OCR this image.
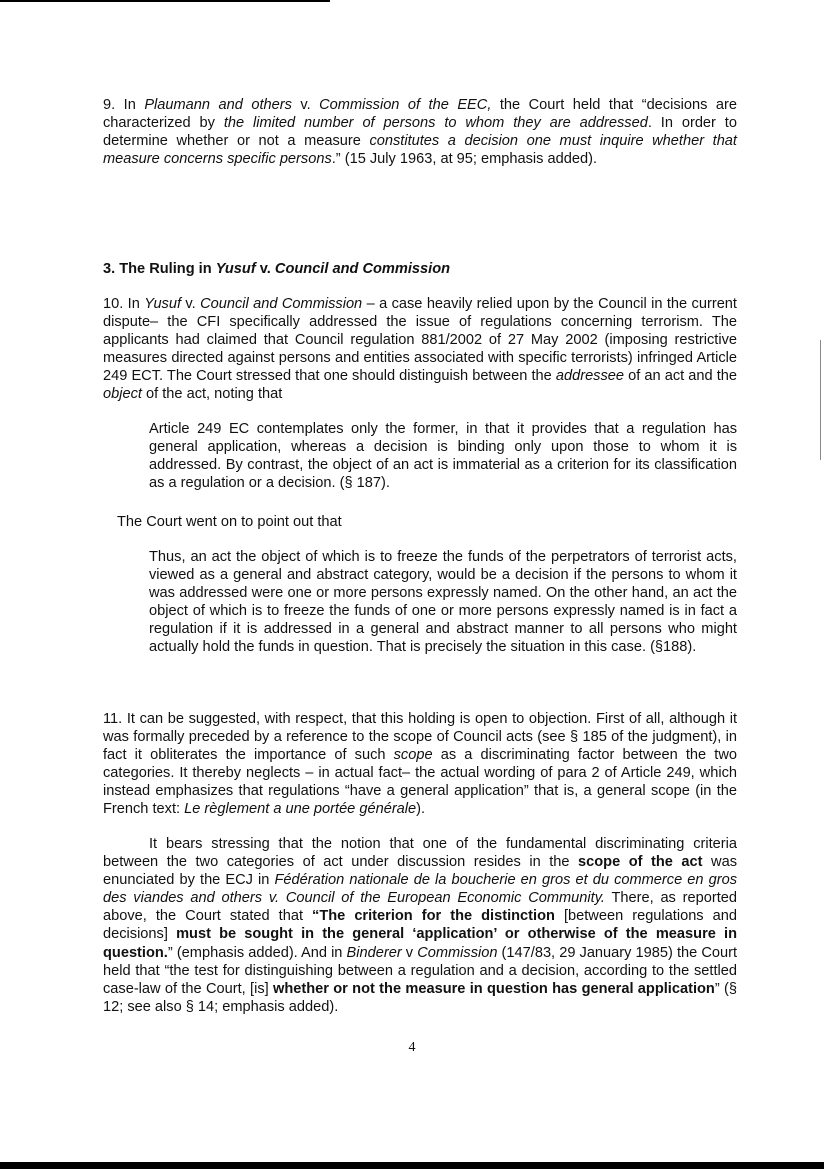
9. In Plaumann and others v. Commission of the EEC, the Court held that “decisions are characterized by the limited number of persons to whom they are addressed. In order to determine whether or not a measure constitutes a decision one must inquire whether that measure concerns specific persons.” (15 July 1963, at 95; emphasis added).
3. The Ruling in Yusuf v. Council and Commission
10. In Yusuf v. Council and Commission – a case heavily relied upon by the Council in the current dispute– the CFI specifically addressed the issue of regulations concerning terrorism. The applicants had claimed that Council regulation 881/2002 of 27 May 2002 (imposing restrictive measures directed against persons and entities associated with specific terrorists) infringed Article 249 ECT. The Court stressed that one should distinguish between the addressee of an act and the object of the act, noting that
Article 249 EC contemplates only the former, in that it provides that a regulation has general application, whereas a decision is binding only upon those to whom it is addressed. By contrast, the object of an act is immaterial as a criterion for its classification as a regulation or a decision. (§ 187).
The Court went on to point out that
Thus, an act the object of which is to freeze the funds of the perpetrators of terrorist acts, viewed as a general and abstract category, would be a decision if the persons to whom it was addressed were one or more persons expressly named. On the other hand, an act the object of which is to freeze the funds of one or more persons expressly named is in fact a regulation if it is addressed in a general and abstract manner to all persons who might actually hold the funds in question. That is precisely the situation in this case. (§188).
11. It can be suggested, with respect, that this holding is open to objection. First of all, although it was formally preceded by a reference to the scope of Council acts (see § 185 of the judgment), in fact it obliterates the importance of such scope as a discriminating factor between the two categories. It thereby neglects – in actual fact– the actual wording of para 2 of Article 249, which instead emphasizes that regulations “have a general application” that is, a general scope (in the French text: Le règlement a une portée générale).
It bears stressing that the notion that one of the fundamental discriminating criteria between the two categories of act under discussion resides in the scope of the act was enunciated by the ECJ in Fédération nationale de la boucherie en gros et du commerce en gros des viandes and others v. Council of the European Economic Community. There, as reported above, the Court stated that “The criterion for the distinction [between regulations and decisions] must be sought in the general ‘application’ or otherwise of the measure in question.” (emphasis added). And in Binderer v Commission (147/83, 29 January 1985) the Court held that “the test for distinguishing between a regulation and a decision, according to the settled case-law of the Court, [is] whether or not the measure in question has general application” (§ 12; see also § 14; emphasis added).
4
